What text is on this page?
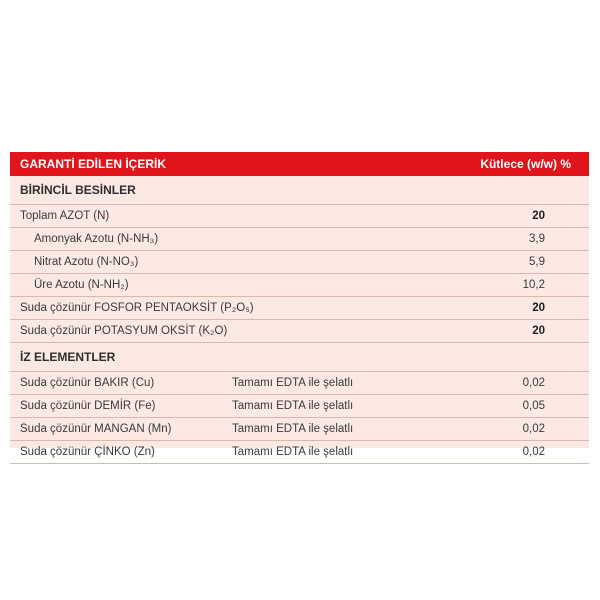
GARANTİ EDİLEN İÇERİK	Kütlece (w/w) %
BİRİNCİL BESİNLER
Toplam AZOT (N)	20
Amonyak Azotu (N-NH₃)	3,9
Nitrat Azotu (N-NO₃)	5,9
Üre Azotu (N-NH₂)	10,2
Suda çözünür FOSFOR PENTAOKSİT (P₂O₅)	20
Suda çözünür POTASYUM OKSİT (K₂O)	20
İZ ELEMENTLER
Suda çözünür BAKIR (Cu)	Tamamı EDTA ile şelatlı	0,02
Suda çözünür DEMİR (Fe)	Tamamı EDTA ile şelatlı	0,05
Suda çözünür MANGAN (Mn)	Tamamı EDTA ile şelatlı	0,02
Suda çözünür ÇİNKO (Zn)	Tamamı EDTA ile şelatlı	0,02
